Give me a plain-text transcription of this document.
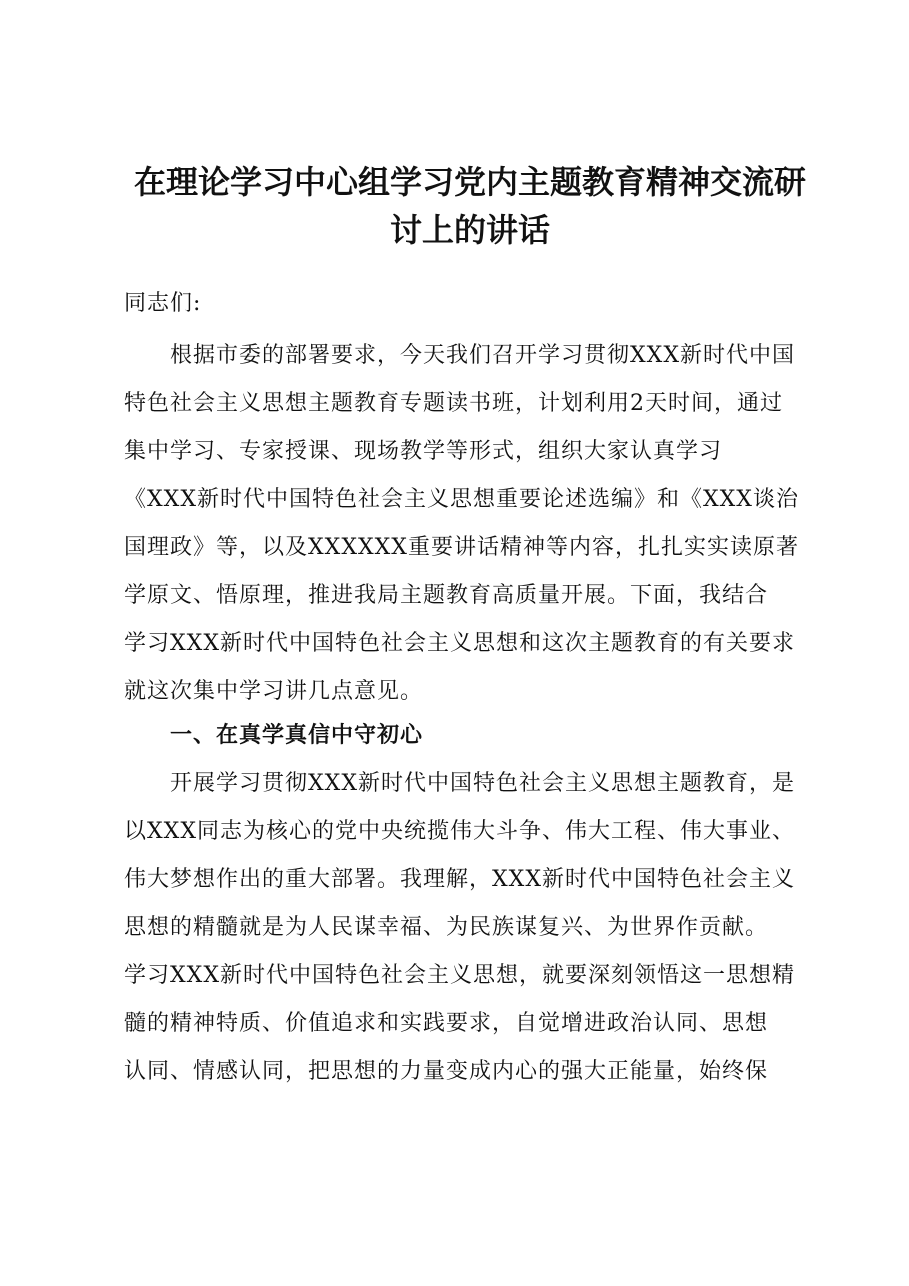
在理论学习中心组学习党内主题教育精神交流研
讨上的讲话

同志们:

　　根据市委的部署要求，今天我们召开学习贯彻XXX新时代中国

特色社会主义思想主题教育专题读书班，计划利用2天时间，通过

集中学习、专家授课、现场教学等形式，组织大家认真学习

《XXX新时代中国特色社会主义思想重要论述选编》和《XXX谈治

国理政》等，以及XXXXXX重要讲话精神等内容，扎扎实实读原著

学原文、悟原理，推进我局主题教育高质量开展。下面，我结合

学习XXX新时代中国特色社会主义思想和这次主题教育的有关要求

就这次集中学习讲几点意见。

　　一、在真学真信中守初心

　　开展学习贯彻XXX新时代中国特色社会主义思想主题教育，是

以XXX同志为核心的党中央统揽伟大斗争、伟大工程、伟大事业、

伟大梦想作出的重大部署。我理解，XXX新时代中国特色社会主义

思想的精髓就是为人民谋幸福、为民族谋复兴、为世界作贡献。

学习XXX新时代中国特色社会主义思想，就要深刻领悟这一思想精

髓的精神特质、价值追求和实践要求，自觉增进政治认同、思想

认同、情感认同，把思想的力量变成内心的强大正能量，始终保
